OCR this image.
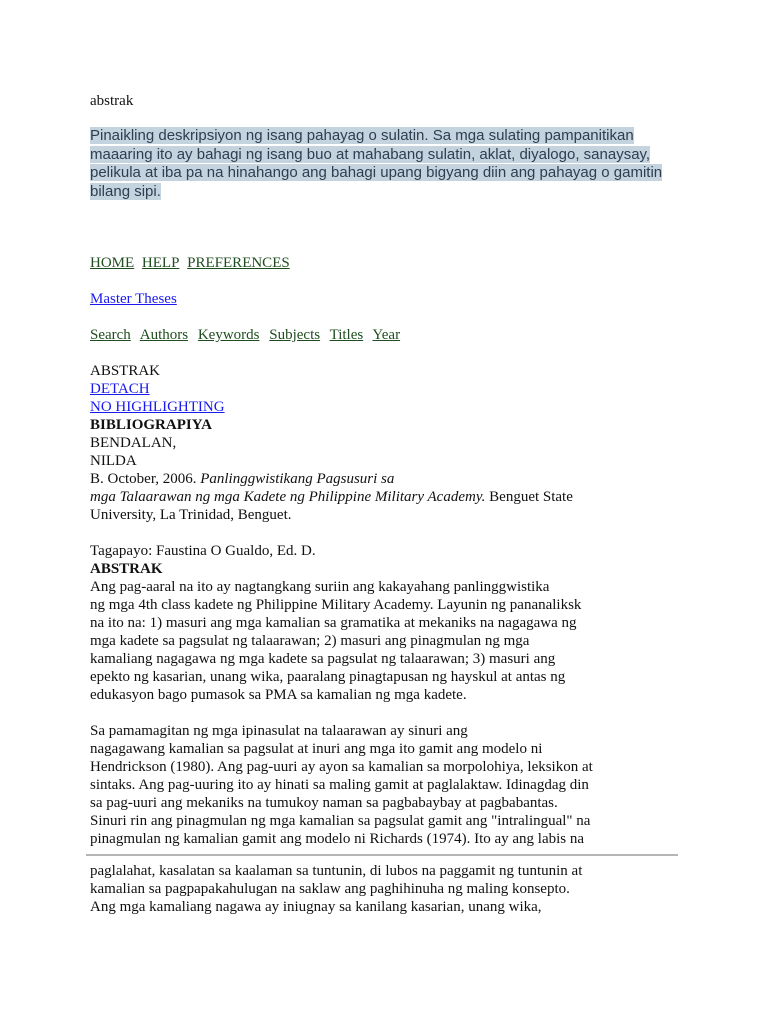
abstrak
Pinaikling deskripsiyon ng isang pahayag o sulatin. Sa mga sulating pampanitikan maaaring ito ay bahagi ng isang buo at mahabang sulatin, aklat, diyalogo, sanaysay, pelikula at iba pa na hinahango ang bahagi upang bigyang diin ang pahayag o gamitin bilang sipi.
HOME HELP PREFERENCES
Master Theses
Search Authors Keywords Subjects Titles Year
ABSTRAK
DETACH
NO HIGHLIGHTING
BIBLIOGRAPIYA
BENDALAN,
NILDA
B. October, 2006. Panlinggwistikang Pagsusuri sa
mga Talaarawan ng mga Kadete ng Philippine Military Academy. Benguet State
University, La Trinidad, Benguet.
Tagapayo: Faustina O Gualdo, Ed. D.
ABSTRAK
Ang pag-aaral na ito ay nagtangkang suriin ang kakayahang panlinggwistika
ng mga 4th class kadete ng Philippine Military Academy. Layunin ng pananaliksk
na ito na: 1) masuri ang mga kamalian sa gramatika at mekaniks na nagagawa ng
mga kadete sa pagsulat ng talaarawan; 2) masuri ang pinagmulan ng mga
kamaliang nagagawa ng mga kadete sa pagsulat ng talaarawan; 3) masuri ang
epekto ng kasarian, unang wika, paaralang pinagtapusan ng hayskul at antas ng
edukasyon bago pumasok sa PMA sa kamalian ng mga kadete.
Sa pamamagitan ng mga ipinasulat na talaarawan ay sinuri ang
nagagawang kamalian sa pagsulat at inuri ang mga ito gamit ang modelo ni
Hendrickson (1980). Ang pag-uuri ay ayon sa kamalian sa morpolohiya, leksikon at
sintaks. Ang pag-uuring ito ay hinati sa maling gamit at paglalaktaw. Idinagdag din
sa pag-uuri ang mekaniks na tumukoy naman sa pagbabaybay at pagbabantas.
Sinuri rin ang pinagmulan ng mga kamalian sa pagsulat gamit ang "intralingual" na
pinagmulan ng kamalian gamit ang modelo ni Richards (1974). Ito ay ang labis na
paglalahat, kasalatan sa kaalaman sa tuntunin, di lubos na paggamit ng tuntunin at
kamalian sa pagpapakahulugan na saklaw ang paghihinuha ng maling konsepto.
Ang mga kamaliang nagawa ay iniugnay sa kanilang kasarian, unang wika,
